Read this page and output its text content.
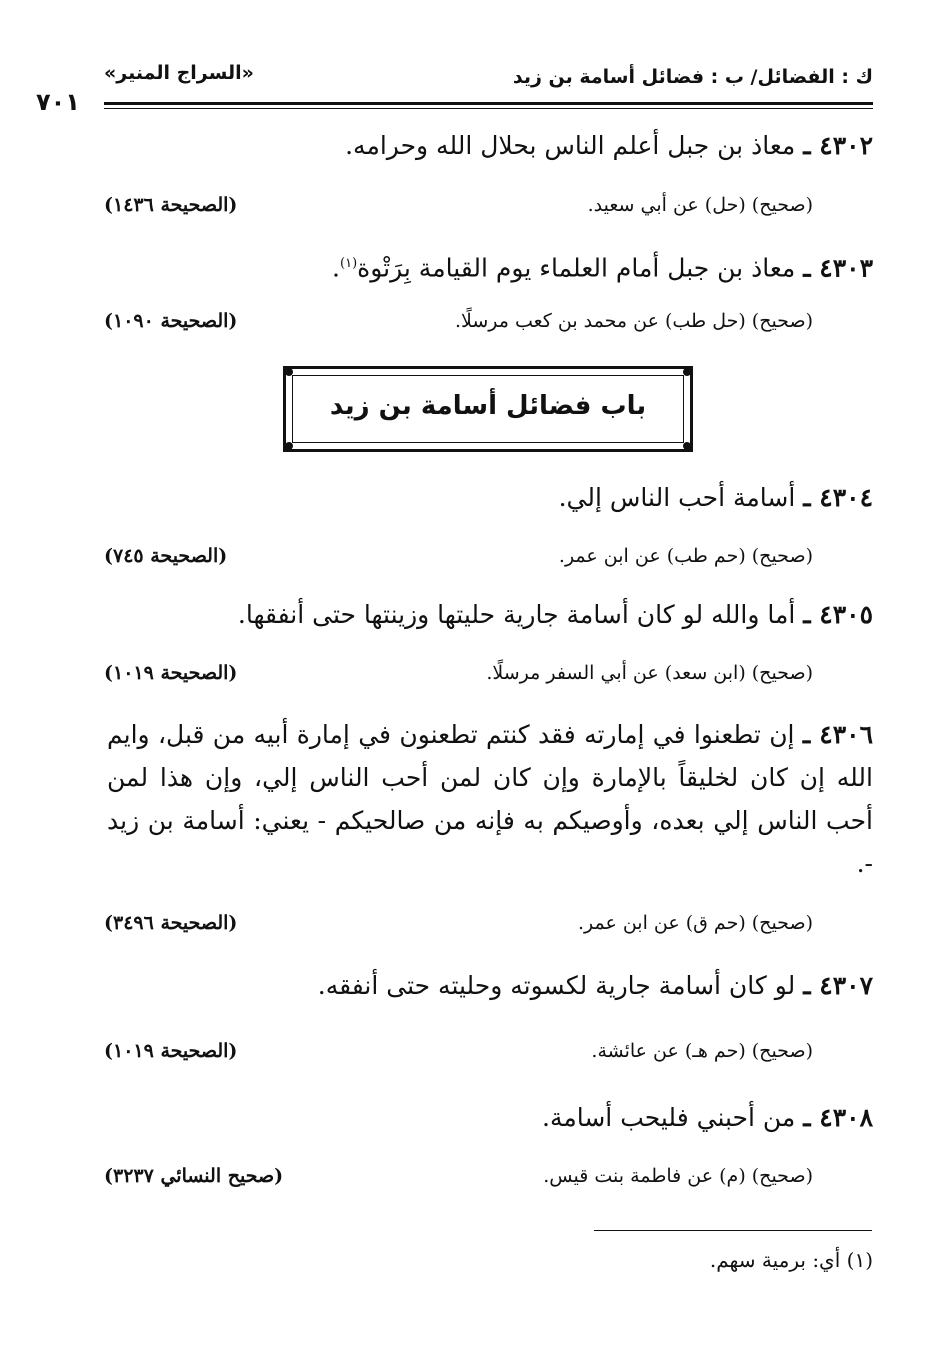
ك : الفضائل/ ب : فضائل أسامة بن زيد
«السراج المنير»
٧٠١
٤٣٠٢ ـ معاذ بن جبل أعلم الناس بحلال الله وحرامه.
(صحيح) (حل) عن أبي سعيد.
(الصحيحة ١٤٣٦)
٤٣٠٣ ـ معاذ بن جبل أمام العلماء يوم القيامة بِرَتْوة$^{(١)}$.
(صحيح) (حل طب) عن محمد بن كعب مرسلًا.
(الصحيحة ١٠٩٠)
باب فضائل أسامة بن زيد
٤٣٠٤ ـ أسامة أحب الناس إلي.
(صحيح) (حم طب) عن ابن عمر.
(الصحيحة ٧٤٥)
٤٣٠٥ ـ أما والله لو كان أسامة جارية حليتها وزينتها حتى أنفقها.
(صحيح) (ابن سعد) عن أبي السفر مرسلًا.
(الصحيحة ١٠١٩)
٤٣٠٦ ـ إن تطعنوا في إمارته فقد كنتم تطعنون في إمارة أبيه من قبل، وايم الله إن كان لخليقاً بالإمارة وإن كان لمن أحب الناس إلي، وإن هذا لمن أحب الناس إلي بعده، وأوصيكم به فإنه من صالحيكم - يعني: أسامة بن زيد -.
(صحيح) (حم ق) عن ابن عمر.
(الصحيحة ٣٤٩٦)
٤٣٠٧ ـ لو كان أسامة جارية لكسوته وحليته حتى أنفقه.
(صحيح) (حم هـ) عن عائشة.
(الصحيحة ١٠١٩)
٤٣٠٨ ـ من أحبني فليحب أسامة.
(صحيح) (م) عن فاطمة بنت قيس.
(صحيح النسائي ٣٢٣٧)
(١) أي: برمية سهم.
